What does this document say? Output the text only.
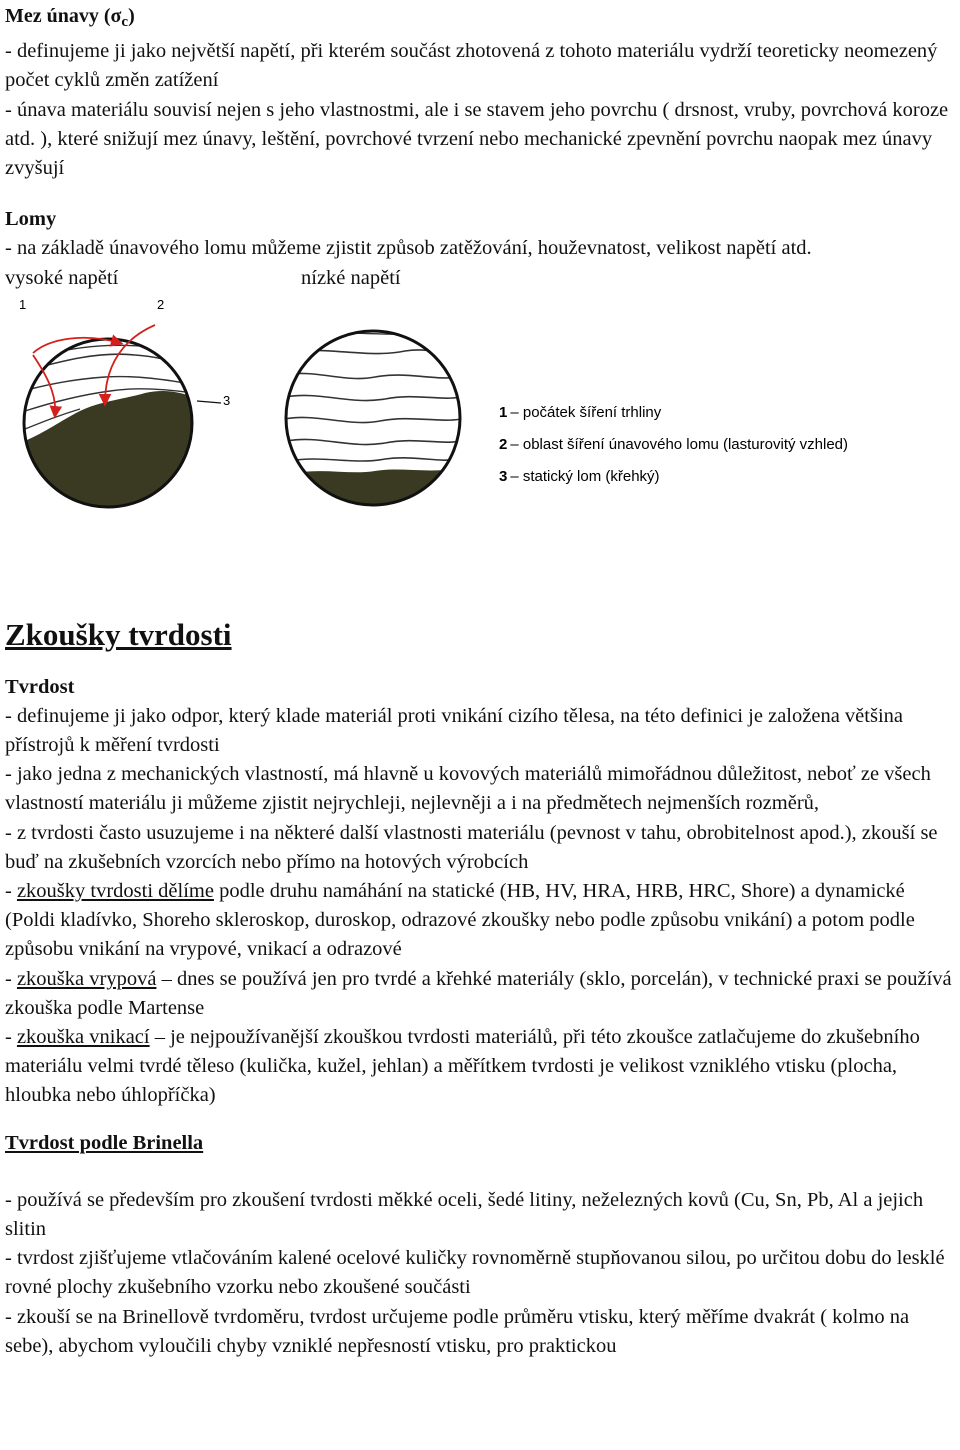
Mez únavy $(\sigma_c)$

- definujeme ji jako největší napětí, při kterém součást zhotovená z tohoto materiálu vydrží teoreticky neomezený počet cyklů změn zatížení

- únava materiálu souvisí nejen s jeho vlastnostmi, ale i se stavem jeho povrchu ( drsnost, vruby, povrchová koroze atd. ), které snižují mez únavy, leštění, povrchové tvrzení nebo mechanické zpevnění povrchu naopak mez únavy zvyšují

Lomy

- na základě únavového lomu můžeme zjistit způsob zatěžování, houževnatost, velikost napětí atd.

vysoké napětí	nízké napětí
1	2
3
1 – počátek šíření trhliny
2 – oblast šíření únavového lomu (lasturovitý vzhled)
3 – statický lom (křehký)

Zkoušky tvrdosti

Tvrdost

- definujeme ji jako odpor, který klade materiál proti vnikání cizího tělesa, na této definici je založena většina přístrojů k měření tvrdosti

- jako jedna z mechanických vlastností, má hlavně u kovových materiálů mimořádnou důležitost, neboť ze všech vlastností materiálu ji můžeme zjistit nejrychleji, nejlevněji a i na předmětech nejmenších rozměrů,

- z tvrdosti často usuzujeme i na některé další vlastnosti materiálu (pevnost v tahu, obrobitelnost apod.), zkouší se buď na zkušebních vzorcích nebo přímo na hotových výrobcích

- zkoušky tvrdosti dělíme podle druhu namáhání na statické (HB, HV, HRA, HRB, HRC, Shore) a dynamické (Poldi kladívko, Shoreho skleroskop, duroskop, odrazové zkoušky nebo podle způsobu vnikání) a potom podle způsobu vnikání na vrypové, vnikací a odrazové

- zkouška vrypová – dnes se používá jen pro tvrdé a křehké materiály (sklo, porcelán), v technické praxi se používá zkouška podle Martense

- zkouška vnikací – je nejpoužívanější zkouškou tvrdosti materiálů, při této zkoušce zatlačujeme do zkušebního materiálu velmi tvrdé těleso (kulička, kužel, jehlan) a měřítkem tvrdosti je velikost vzniklého vtisku (plocha, hloubka nebo úhlopříčka)

Tvrdost podle Brinella

- používá se především pro zkoušení tvrdosti měkké oceli, šedé litiny, neželezných kovů (Cu, Sn, Pb, Al a jejich slitin

- tvrdost zjišťujeme vtlačováním kalené ocelové kuličky rovnoměrně stupňovanou silou, po určitou dobu do lesklé rovné plochy zkušebního vzorku nebo zkoušené součásti

- zkouší se na Brinellově tvrdoměru, tvrdost určujeme podle průměru vtisku, který měříme dvakrát ( kolmo na sebe), abychom vyloučili chyby vzniklé nepřesností vtisku, pro praktickou
